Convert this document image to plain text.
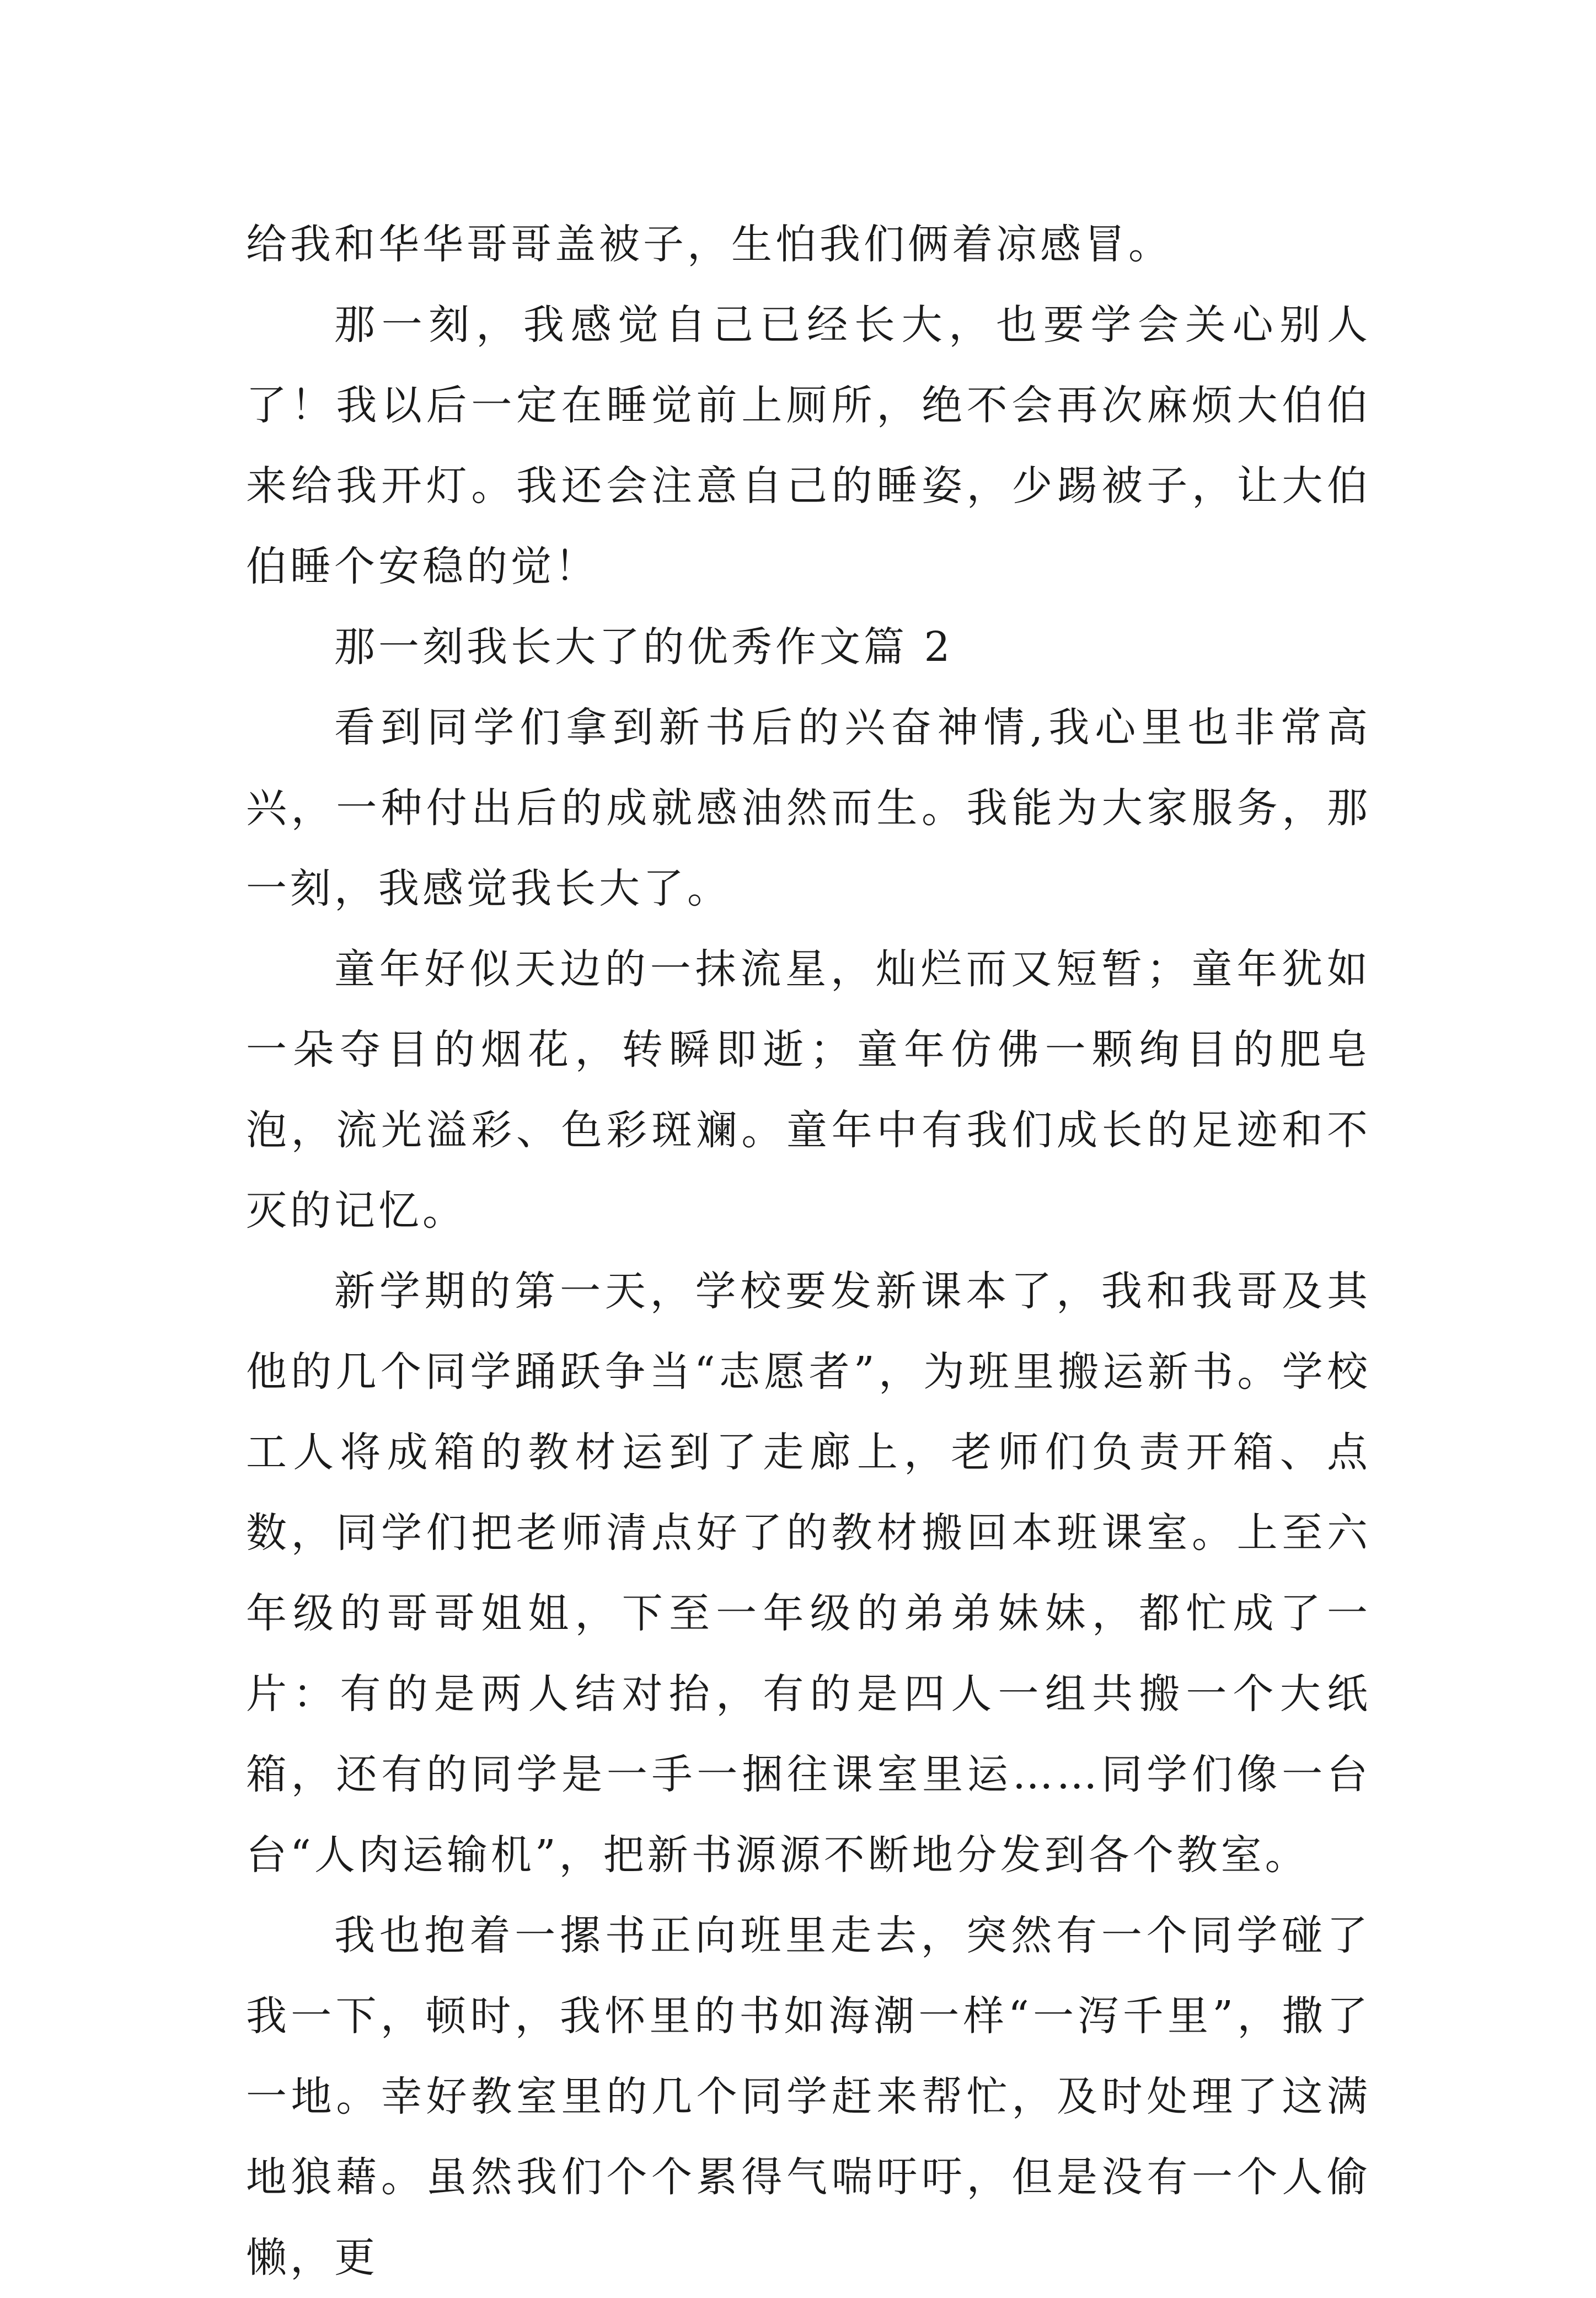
给我和华华哥哥盖被子，生怕我们俩着凉感冒。

那一刻，我感觉自己已经长大，也要学会关心别人了！我以后一定在睡觉前上厕所，绝不会再次麻烦大伯伯来给我开灯。我还会注意自己的睡姿，少踢被子，让大伯伯睡个安稳的觉！

那一刻我长大了的优秀作文篇 2

看到同学们拿到新书后的兴奋神情,我心里也非常高兴，一种付出后的成就感油然而生。我能为大家服务，那一刻，我感觉我长大了。

童年好似天边的一抹流星，灿烂而又短暂；童年犹如一朵夺目的烟花，转瞬即逝；童年仿佛一颗绚目的肥皂泡，流光溢彩、色彩斑斓。童年中有我们成长的足迹和不灭的记忆。

新学期的第一天，学校要发新课本了，我和我哥及其他的几个同学踊跃争当“志愿者”，为班里搬运新书。学校工人将成箱的教材运到了走廊上，老师们负责开箱、点数，同学们把老师清点好了的教材搬回本班课室。上至六年级的哥哥姐姐，下至一年级的弟弟妹妹，都忙成了一片：有的是两人结对抬，有的是四人一组共搬一个大纸箱，还有的同学是一手一捆往课室里运……同学们像一台台“人肉运输机”，把新书源源不断地分发到各个教室。

我也抱着一摞书正向班里走去，突然有一个同学碰了我一下，顿时，我怀里的书如海潮一样“一泻千里”，撒了一地。幸好教室里的几个同学赶来帮忙，及时处理了这满地狼藉。虽然我们个个累得气喘吁吁，但是没有一个人偷懒，更
